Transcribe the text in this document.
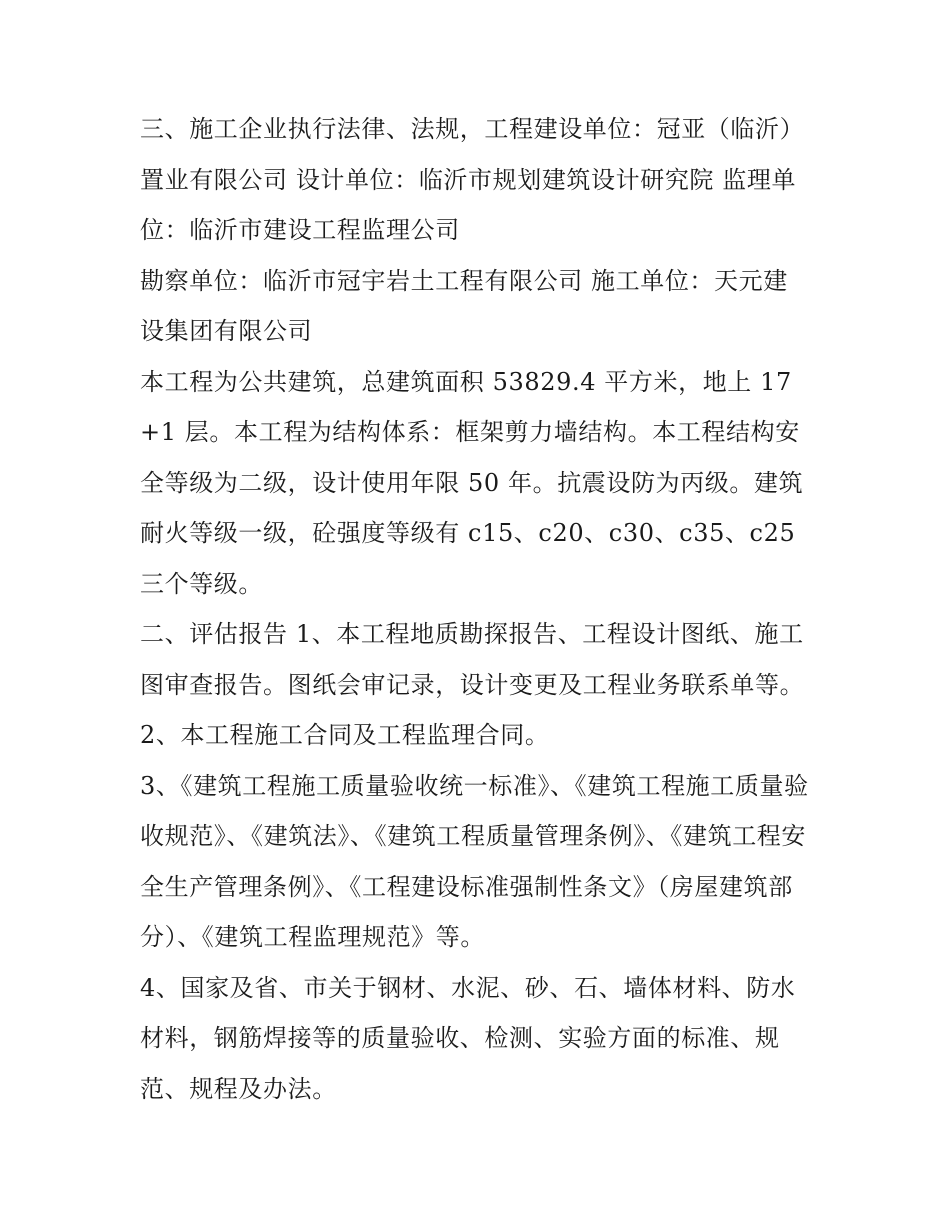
三、施工企业执行法律、法规，工程建设单位：冠亚（临沂）置业有限公司 设计单位：临沂市规划建筑设计研究院 监理单位：临沂市建设工程监理公司

勘察单位：临沂市冠宇岩土工程有限公司 施工单位：天元建设集团有限公司

本工程为公共建筑，总建筑面积 53829.4 平方米，地上 17+1 层。本工程为结构体系：框架剪力墙结构。本工程结构安全等级为二级，设计使用年限 50 年。抗震设防为丙级。建筑耐火等级一级，砼强度等级有 c15、c20、c30、c35、c25 三个等级。

二、评估报告 1、本工程地质勘探报告、工程设计图纸、施工图审查报告。图纸会审记录，设计变更及工程业务联系单等。

2、本工程施工合同及工程监理合同。

3、《建筑工程施工质量验收统一标准》、《建筑工程施工质量验收规范》、《建筑法》、《建筑工程质量管理条例》、《建筑工程安全生产管理条例》、《工程建设标准强制性条文》（房屋建筑部分）、《建筑工程监理规范》等。

4、国家及省、市关于钢材、水泥、砂、石、墙体材料、防水材料，钢筋焊接等的质量验收、检测、实验方面的标准、规范、规程及办法。
